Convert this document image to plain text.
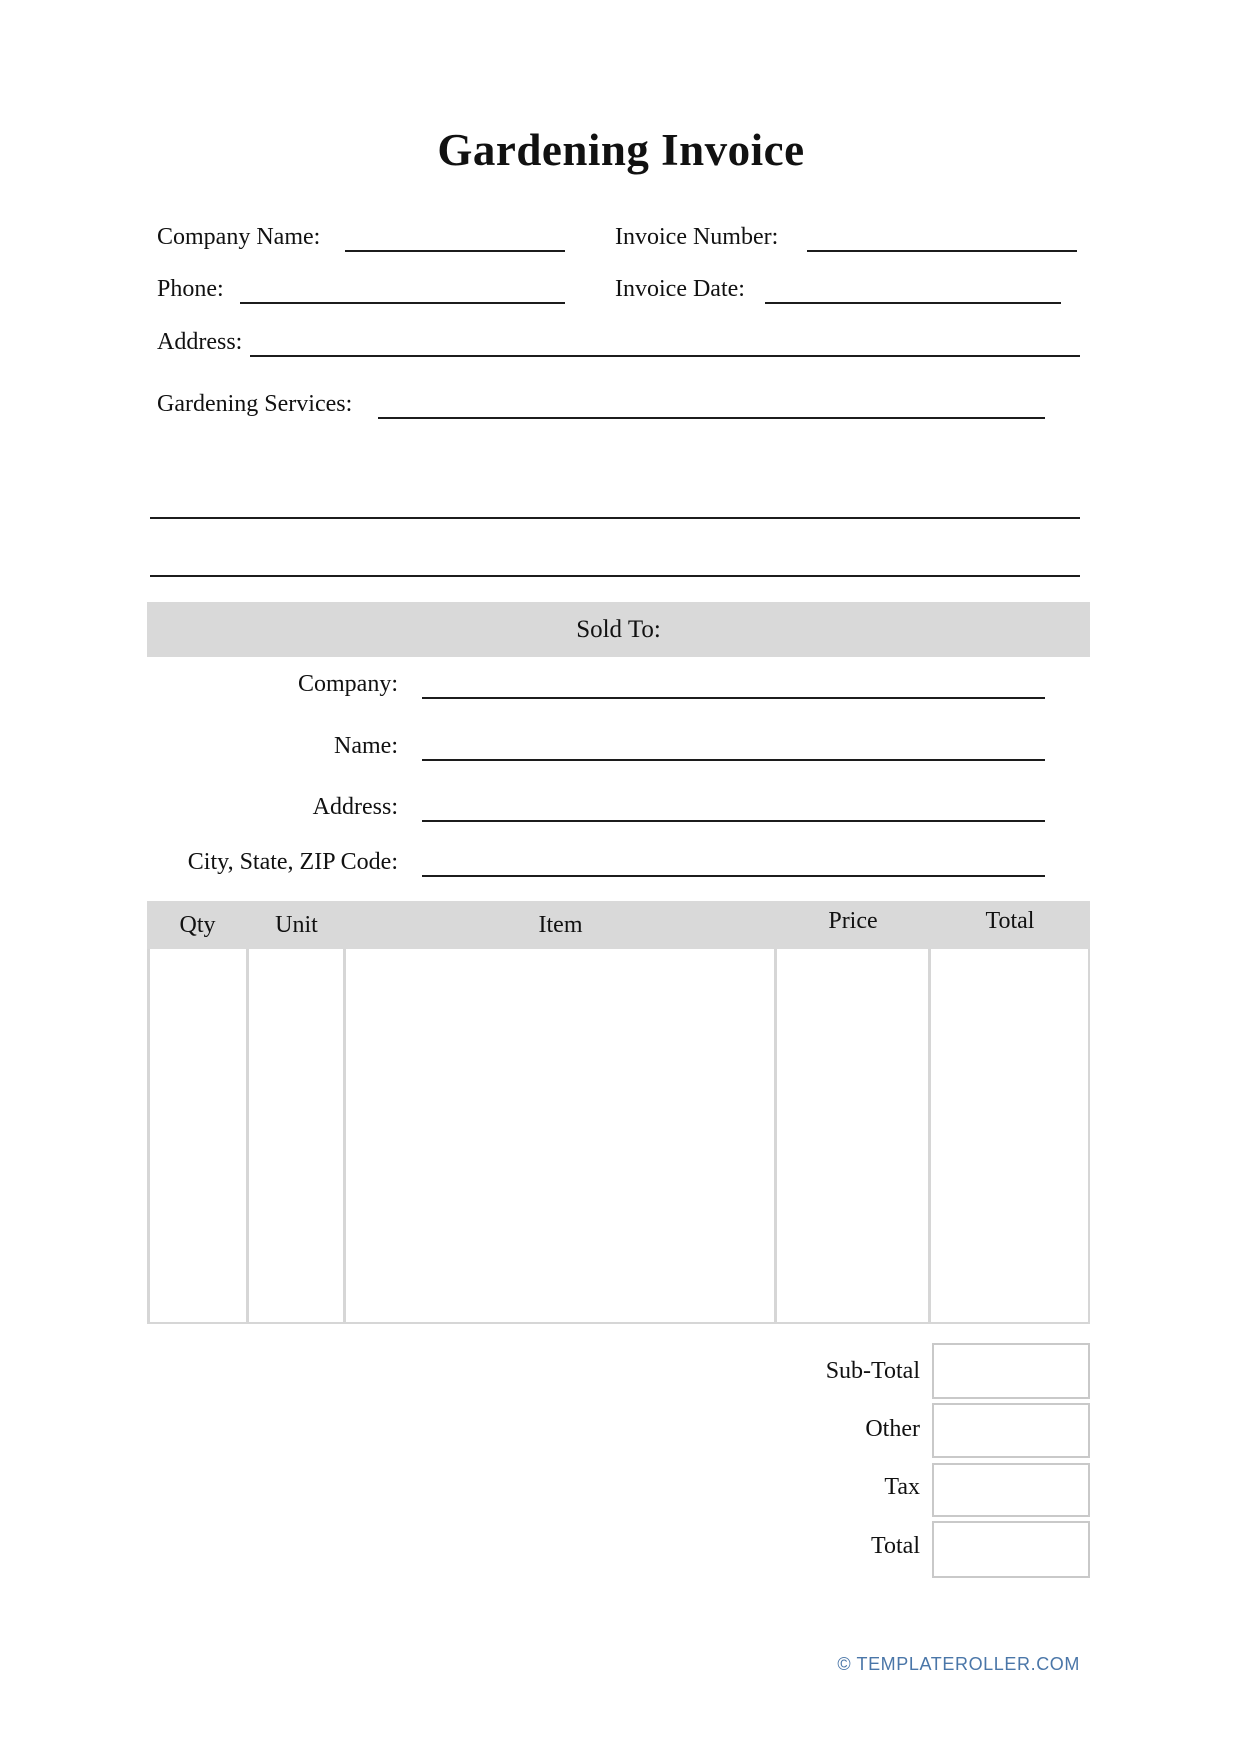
Gardening Invoice
Company Name:	Invoice Number:
Phone:	Invoice Date:
Address:
Gardening Services:
Sold To:
Company:
Name:
Address:
City, State, ZIP Code:
Qty	Unit	Item	Price	Total
Sub-Total
Other
Tax
Total
© TEMPLATEROLLER.COM
